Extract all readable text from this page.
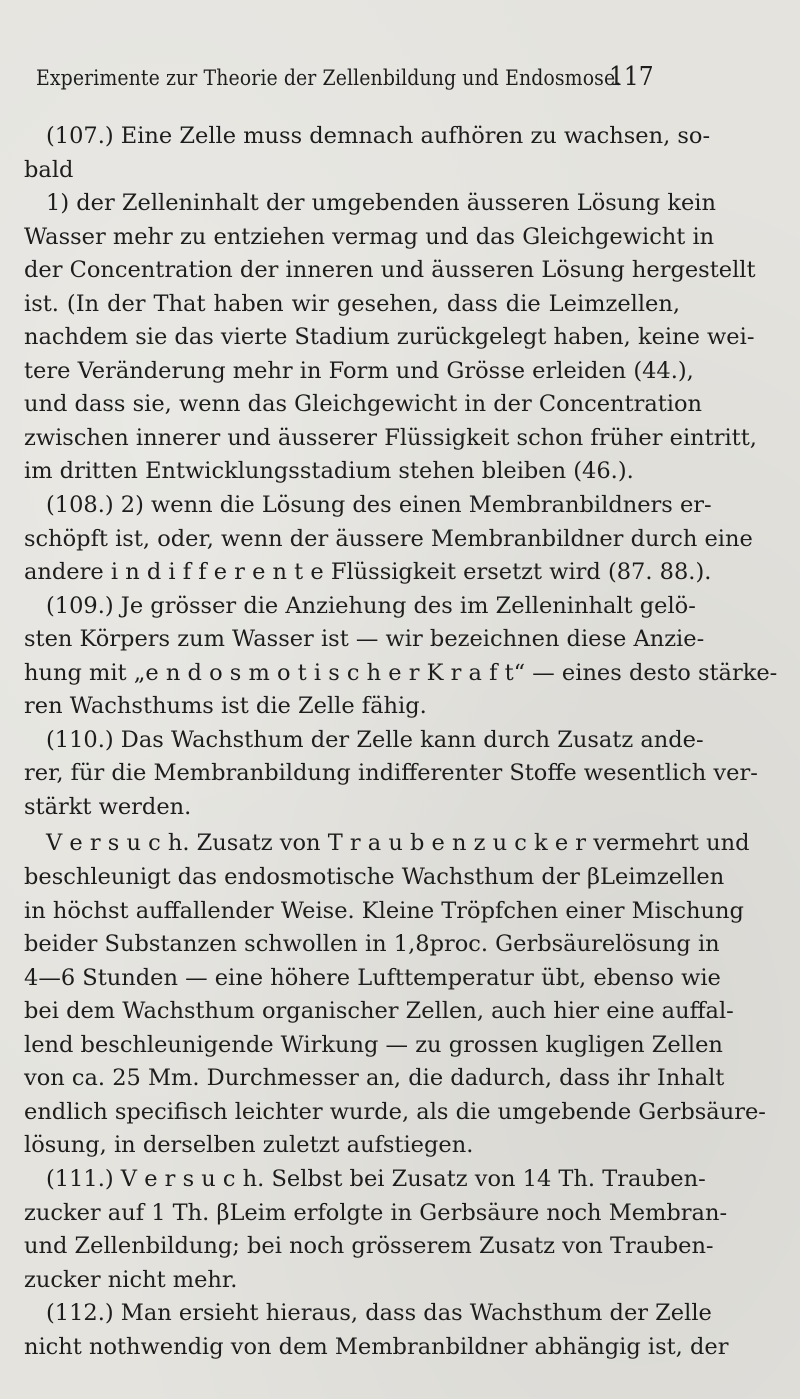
Experimente zur Theorie der Zellenbildung und Endosmose.
117
(107.) Eine Zelle muss demnach aufhören zu wachsen, so-
bald
1) der Zelleninhalt der umgebenden äusseren Lösung kein
Wasser mehr zu entziehen vermag und das Gleichgewicht in
der Concentration der inneren und äusseren Lösung hergestellt
ist. (In der That haben wir gesehen, dass die Leimzellen,
nachdem sie das vierte Stadium zurückgelegt haben, keine wei-
tere Veränderung mehr in Form und Grösse erleiden (44.),
und dass sie, wenn das Gleichgewicht in der Concentration
zwischen innerer und äusserer Flüssigkeit schon früher eintritt,
im dritten Entwicklungsstadium stehen bleiben (46.).
(108.) 2) wenn die Lösung des einen Membranbildners er-
schöpft ist, oder, wenn der äussere Membranbildner durch eine
andere i n d i f f e r e n t e Flüssigkeit ersetzt wird (87. 88.).
(109.) Je grösser die Anziehung des im Zelleninhalt gelö-
sten Körpers zum Wasser ist — wir bezeichnen diese Anzie-
hung mit „e n d o s m o t i s c h e r K r a f t“ — eines desto stärke-
ren Wachsthums ist die Zelle fähig.
(110.) Das Wachsthum der Zelle kann durch Zusatz ande-
rer, für die Membranbildung indifferenter Stoffe wesentlich ver-
stärkt werden.
V e r s u c h. Zusatz von T r a u b e n z u c k e r vermehrt und
beschleunigt das endosmotische Wachsthum der βLeimzellen
in höchst auffallender Weise. Kleine Tröpfchen einer Mischung
beider Substanzen schwollen in 1,8proc. Gerbsäurelösung in
4—6 Stunden — eine höhere Lufttemperatur übt, ebenso wie
bei dem Wachsthum organischer Zellen, auch hier eine auffal-
lend beschleunigende Wirkung — zu grossen kugligen Zellen
von ca. 25 Mm. Durchmesser an, die dadurch, dass ihr Inhalt
endlich specifisch leichter wurde, als die umgebende Gerbsäure-
lösung, in derselben zuletzt aufstiegen.
(111.) V e r s u c h. Selbst bei Zusatz von 14 Th. Trauben-
zucker auf 1 Th. βLeim erfolgte in Gerbsäure noch Membran-
und Zellenbildung; bei noch grösserem Zusatz von Trauben-
zucker nicht mehr.
(112.) Man ersieht hieraus, dass das Wachsthum der Zelle
nicht nothwendig von dem Membranbildner abhängig ist, der
